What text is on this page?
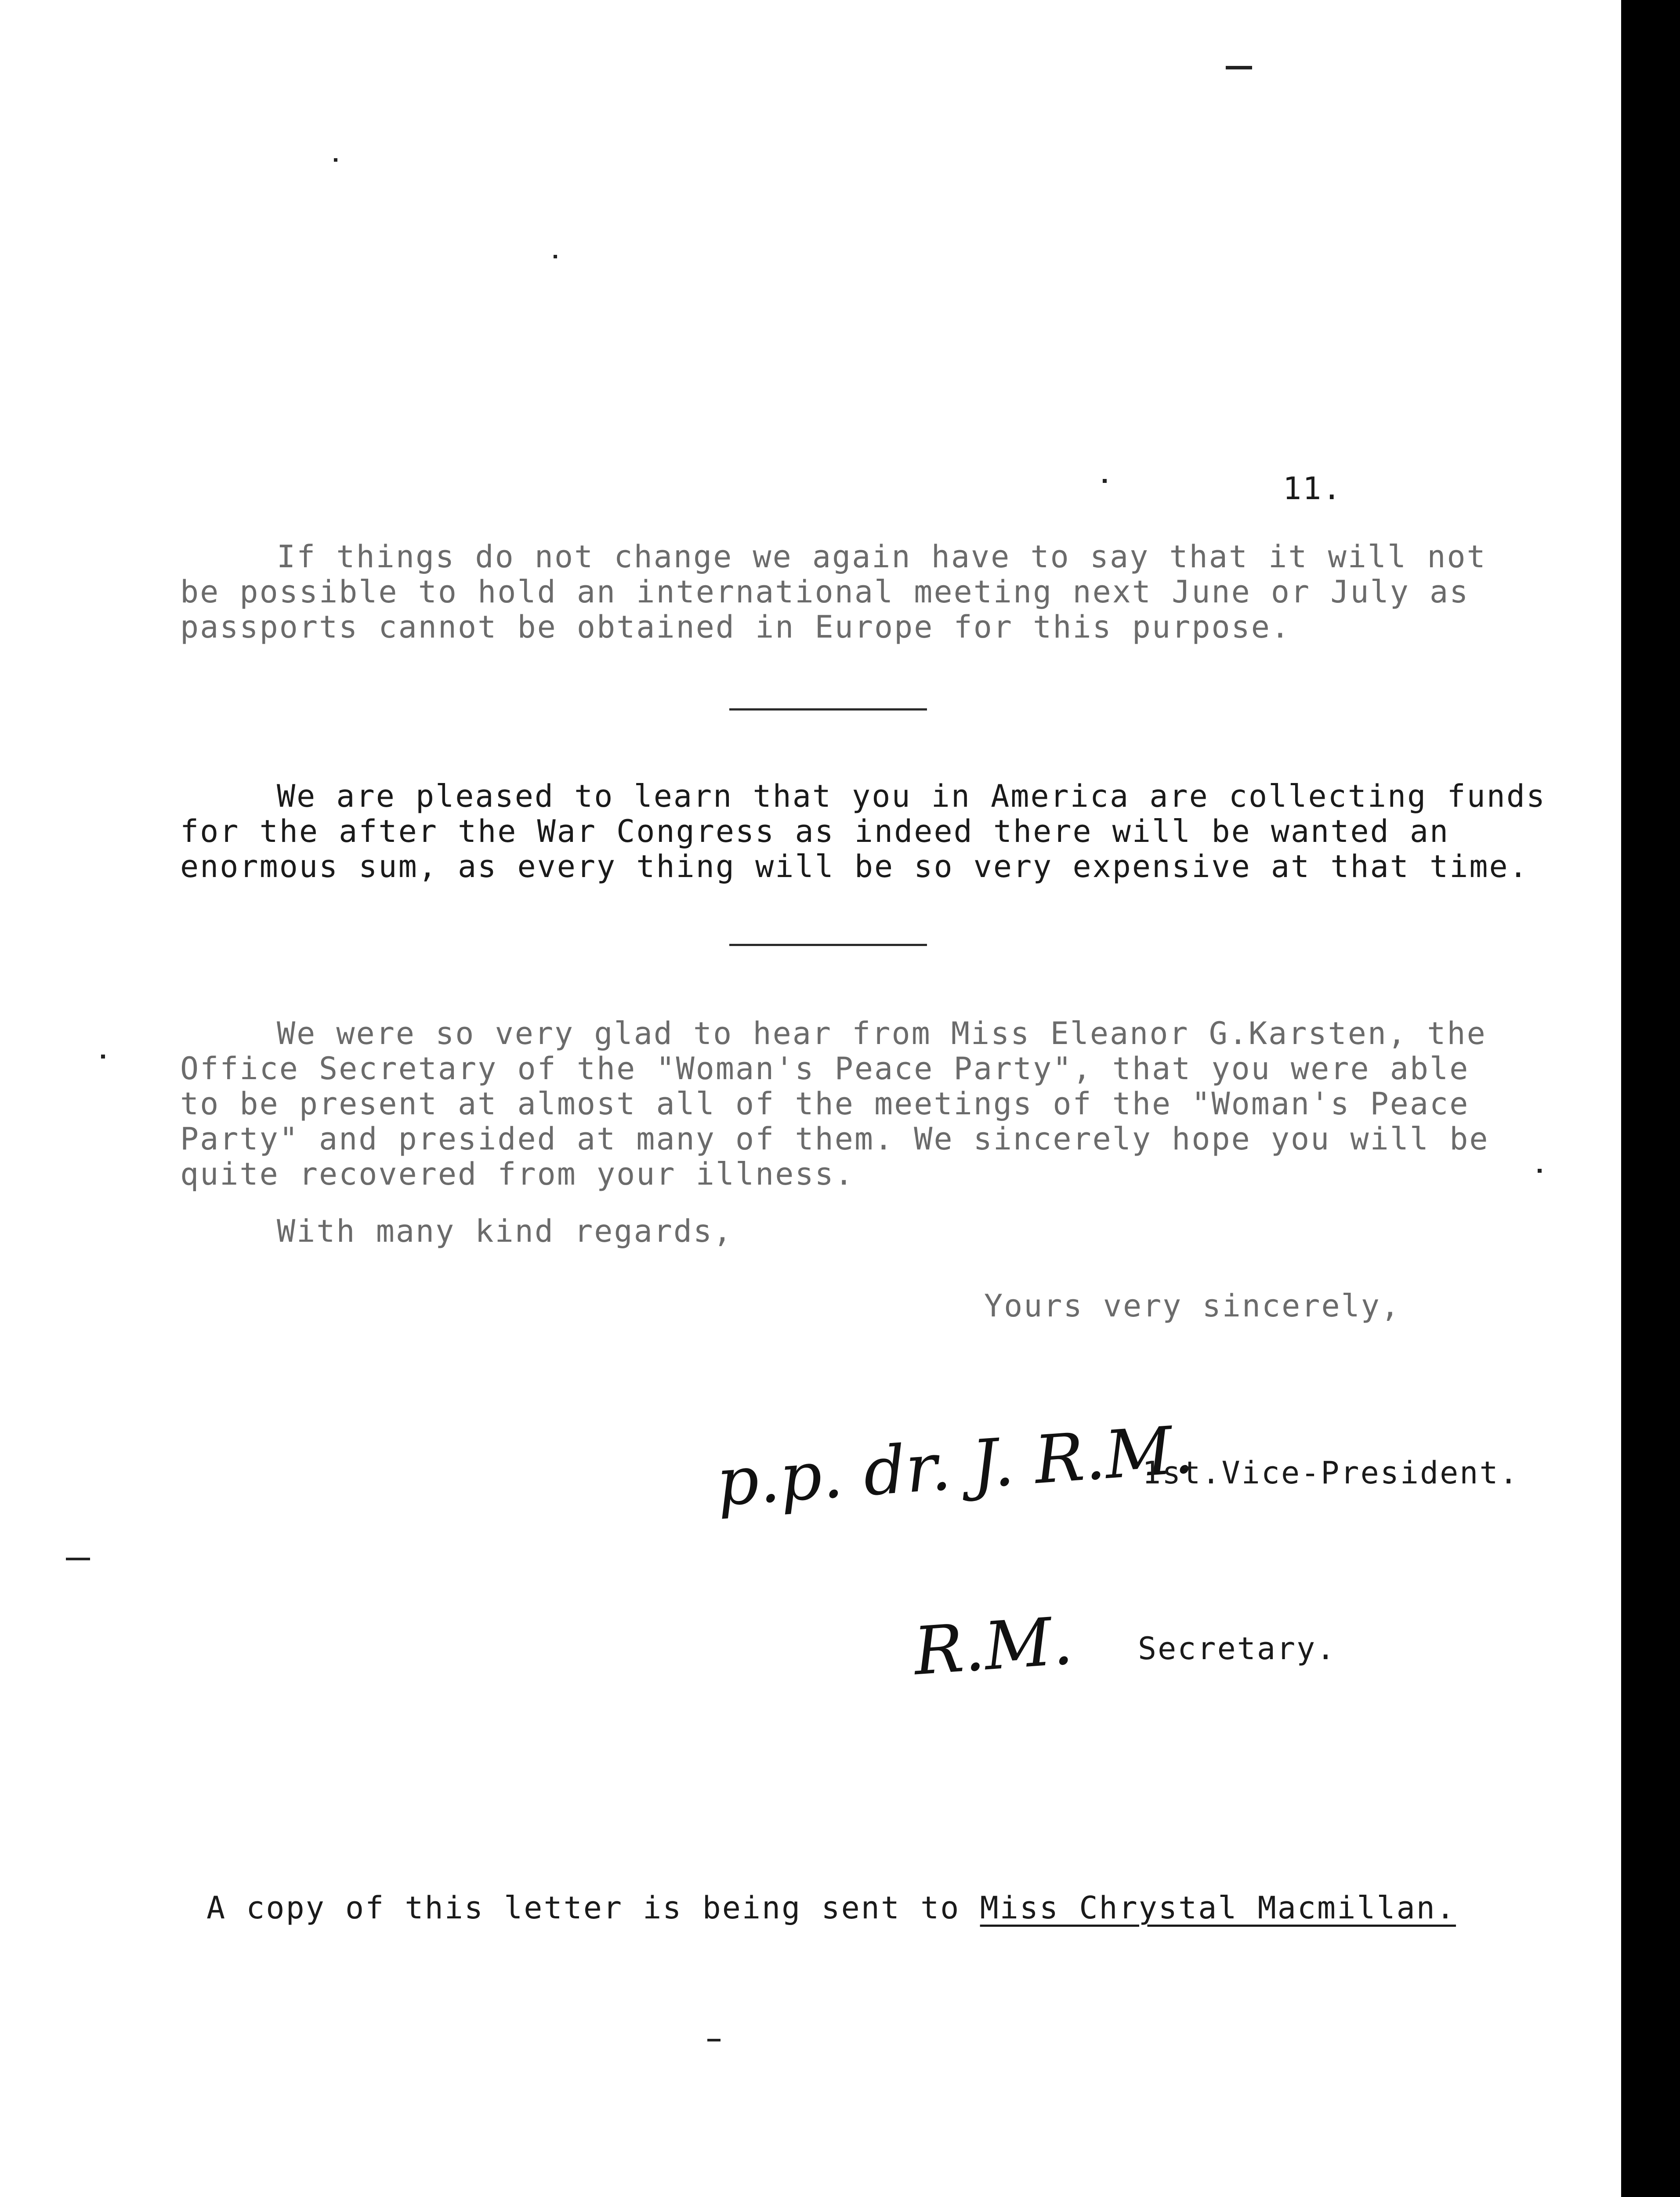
11.
If things do not change we again have to say that it will not
be possible to hold an international meeting next June or July as
passports cannot be obtained in Europe for this purpose.
We are pleased to learn that you in America are collecting funds
for the after the War Congress as indeed there will be wanted an
enormous sum, as every thing will be so very expensive at that time.
We were so very glad to hear from Miss Eleanor G.Karsten, the
Office Secretary of the "Woman's Peace Party", that you were able
to be present at almost all of the meetings of the "Woman's Peace
Party" and presided at many of them. We sincerely hope you will be
quite recovered from your illness.
With many kind regards,
Yours very sincerely,
p.p. dr. J. R.M.
1st.Vice-President.
R.M. Secretary.
A copy of this letter is being sent to Miss Chrystal Macmillan.
